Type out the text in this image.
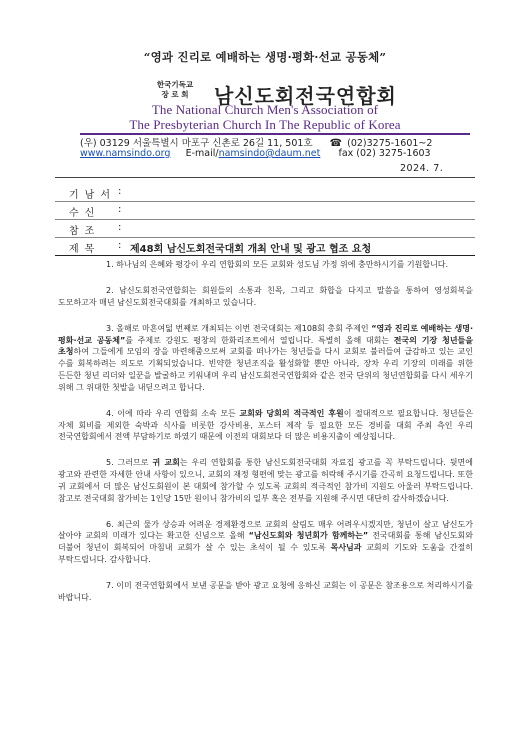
“영과 진리로 예배하는 생명·평화·선교 공동체”
한국기독교
장 로 회	남신도회전국연합회
The National Church Men's Association of
The Presbyterian Church In The Republic of Korea
(우) 03129 서울특별시 마포구 신촌로 26길 11, 501호 ☎ (02)3275-1601~2
www.namsindo.org E-mail/namsindo@daum.net fax (02) 3275-1603
2024. 7.
기남서 :
수신 :
참조 :
제목 : 제48회 남신도회전국대회 개최 안내 및 광고 협조 요청

1. 하나님의 은혜와 평강이 우리 연합회의 모든 교회와 성도님 가정 위에 충만하시기를 기원합니다.

2. 남신도회전국연합회는 회원들의 소통과 친목, 그리고 화합을 다지고 말씀을 통하여 영성회복을 도모하고자 매년 남신도회전국대회를 개최하고 있습니다.

3. 올해로 마흔여덟 번째로 개최되는 이번 전국대회는 제108회 총회 주제인 “영과 진리로 예배하는 생명·평화·선교 공동체”를 주제로 강원도 평창의 한화리조트에서 열립니다. 특별히 올해 대회는 전국의 기장 청년들을 초청하여 그들에게 모임의 장을 마련해줌으로써 교회를 떠나가는 청년들을 다시 교회로 불러들여 급감하고 있는 교인 수를 회복하려는 의도로 기획되었습니다. 빈약한 청년조직을 활성화할 뿐만 아니라, 장차 우리 기장의 미래를 위한 든든한 청년 리더와 일꾼을 발굴하고 키워내며 우리 남신도회전국연합회와 같은 전국 단위의 청년연합회를 다시 세우기 위해 그 위대한 첫발을 내딛으려고 합니다.

4. 이에 따라 우리 연합회 소속 모든 교회와 당회의 적극적인 후원이 절대적으로 필요합니다. 청년들은 자체 회비를 제외한 숙박과 식사를 비롯한 강사비용, 포스터 제작 등 필요한 모든 경비를 대회 주최 측인 우리 전국연합회에서 전액 부담하기로 하였기 때문에 이전의 대회보다 더 많은 비용지출이 예상됩니다.

5. 그러므로 귀 교회는 우리 연합회를 통한 남신도회전국대회 자료집 광고를 꼭 부탁드립니다. 뒷면에 광고와 관련한 자세한 안내 사항이 있으니, 교회의 재정 형편에 맞는 광고를 허락해 주시기를 간곡히 요청드립니다. 또한 귀 교회에서 더 많은 남신도회원이 본 대회에 참가할 수 있도록 교회의 적극적인 참가비 지원도 아울러 부탁드립니다. 참고로 전국대회 참가비는 1인당 15만 원이니 참가비의 일부 혹은 전부를 지원해 주시면 대단히 감사하겠습니다.

6. 최근의 물가 상승과 어려운 경제환경으로 교회의 살림도 매우 어려우시겠지만, 청년이 살고 남신도가 살아야 교회의 미래가 있다는 확고한 신념으로 올해 “남신도회와 청년회가 함께하는” 전국대회를 통해 남신도회와 더불어 청년이 회복되어 마침내 교회가 살 수 있는 초석이 될 수 있도록 목사님과 교회의 기도와 도움을 간절히 부탁드립니다. 감사합니다.

7. 이미 전국연합회에서 보낸 공문을 받아 광고 요청에 응하신 교회는 이 공문은 참조용으로 처리하시기를 바랍니다.
